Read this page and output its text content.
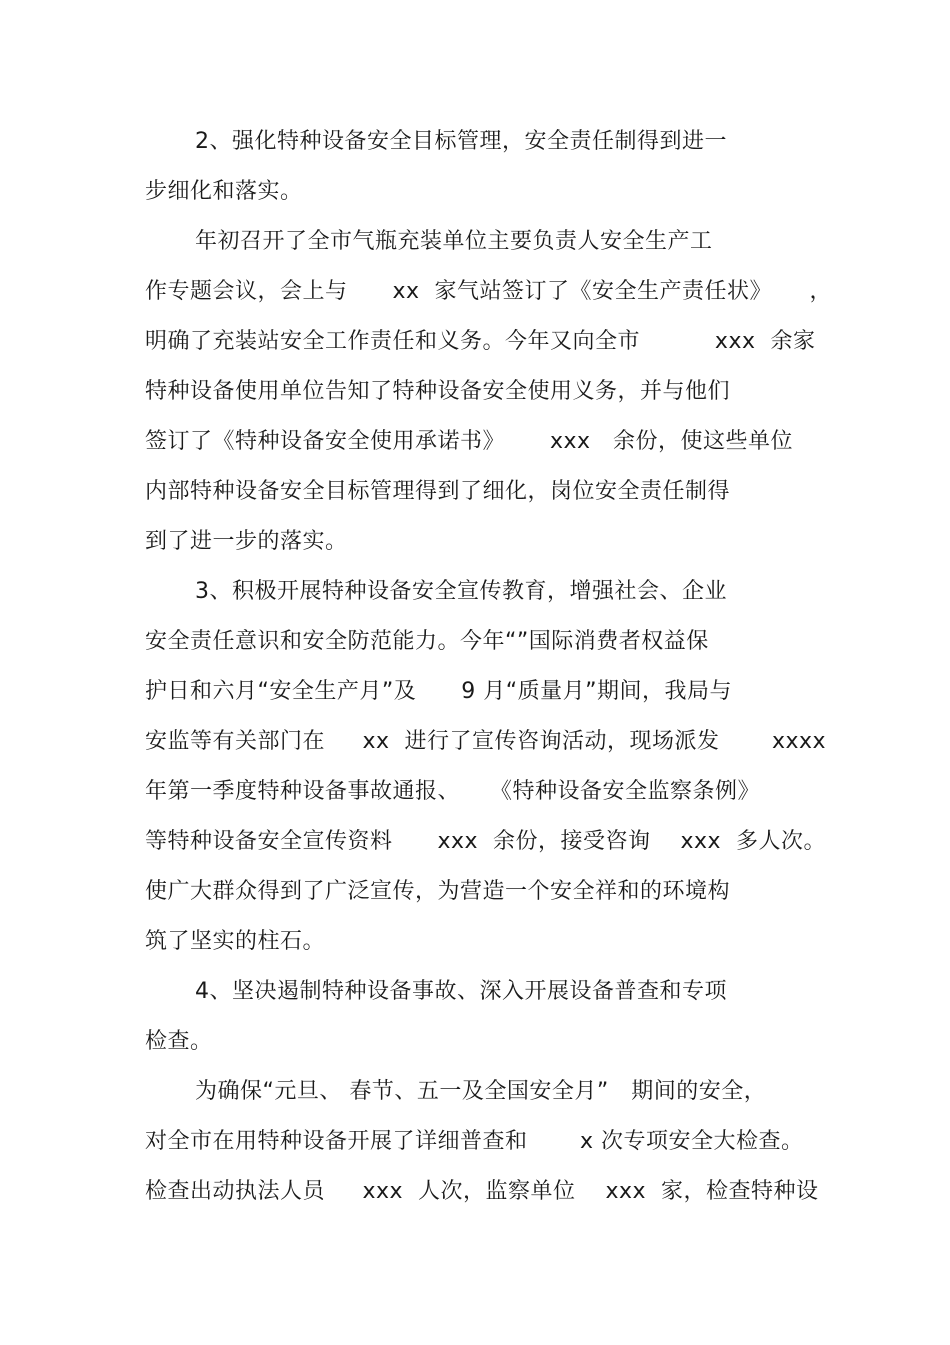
2、强化特种设备安全目标管理，安全责任制得到进一
步细化和落实。
年初召开了全市气瓶充装单位主要负责人安全生产工
作专题会议，会上与      xx  家气站签订了《安全生产责任状》     ，
明确了充装站安全工作责任和义务。今年又向全市          xxx  余家
特种设备使用单位告知了特种设备安全使用义务，并与他们
签订了《特种设备安全使用承诺书》      xxx   余份，使这些单位
内部特种设备安全目标管理得到了细化，岗位安全责任制得
到了进一步的落实。
3、积极开展特种设备安全宣传教育，增强社会、企业
安全责任意识和安全防范能力。今年“”国际消费者权益保
护日和六月“安全生产月”及      9 月“质量月”期间，我局与
安监等有关部门在     xx  进行了宣传咨询活动，现场派发       xxxx
年第一季度特种设备事故通报、    《特种设备安全监察条例》
等特种设备安全宣传资料      xxx  余份，接受咨询    xxx  多人次。
使广大群众得到了广泛宣传，为营造一个安全祥和的环境构
筑了坚实的柱石。
4、坚决遏制特种设备事故、深入开展设备普查和专项
检查。
为确保“元旦、 春节、五一及全国安全月”   期间的安全，
对全市在用特种设备开展了详细普查和       x 次专项安全大检查。
检查出动执法人员     xxx  人次，监察单位    xxx  家，检查特种设
